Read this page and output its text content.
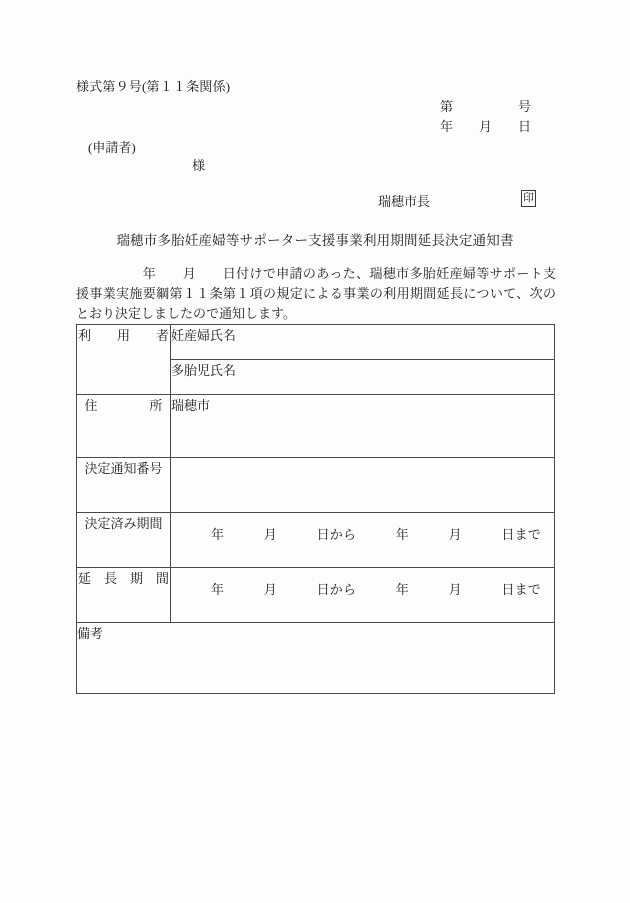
様式第９号(第１１条関係)
第　　　　　号
年　　月　　日
(申請者)
様
瑞穂市長	印
瑞穂市多胎妊産婦等サポーター支援事業利用期間延長決定通知書
　　　　　年　　月　　日付けで申請のあった、瑞穂市多胎妊産婦等サポート支援事業実施要綱第１１条第１項の規定による事業の利用期間延長について、次のとおり決定しましたので通知します。
利　　用　　者	妊産婦氏名
	多胎児氏名
住　　　　所	瑞穂市
決定通知番号	
決定済み期間	年　　　月　　　日から　　　年　　　月　　　日まで

延　長　期　間	年　　　月　　　日から　　　年　　　月　　　日まで

備考	
